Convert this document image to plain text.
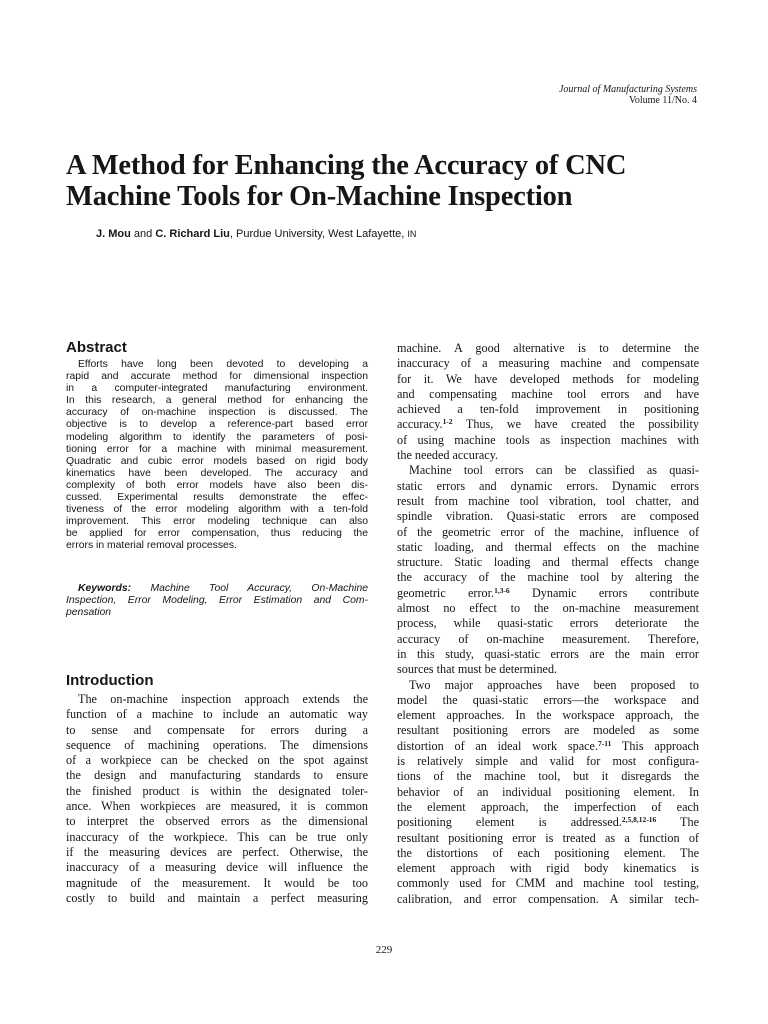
Journal of Manufacturing Systems
Volume 11/No. 4
A Method for Enhancing the Accuracy of CNC
Machine Tools for On-Machine Inspection
J. Mou and C. Richard Liu, Purdue University, West Lafayette, IN
Abstract
Efforts have long been devoted to developing a
rapid and accurate method for dimensional inspection
in a computer-integrated manufacturing environment.
In this research, a general method for enhancing the
accuracy of on-machine inspection is discussed. The
objective is to develop a reference-part based error
modeling algorithm to identify the parameters of posi-
tioning error for a machine with minimal measurement.
Quadratic and cubic error models based on rigid body
kinematics have been developed. The accuracy and
complexity of both error models have also been dis-
cussed. Experimental results demonstrate the effec-
tiveness of the error modeling algorithm with a ten-fold
improvement. This error modeling technique can also
be applied for error compensation, thus reducing the
errors in material removal processes.
Keywords: Machine Tool Accuracy, On-Machine
Inspection, Error Modeling, Error Estimation and Com-
pensation
Introduction
The on-machine inspection approach extends the
function of a machine to include an automatic way
to sense and compensate for errors during a
sequence of machining operations. The dimensions
of a workpiece can be checked on the spot against
the design and manufacturing standards to ensure
the finished product is within the designated toler-
ance. When workpieces are measured, it is common
to interpret the observed errors as the dimensional
inaccuracy of the workpiece. This can be true only
if the measuring devices are perfect. Otherwise, the
inaccuracy of a measuring device will influence the
magnitude of the measurement. It would be too
costly to build and maintain a perfect measuring
machine. A good alternative is to determine the
inaccuracy of a measuring machine and compensate
for it. We have developed methods for modeling
and compensating machine tool errors and have
achieved a ten-fold improvement in positioning
accuracy.$^{1-2}$ Thus, we have created the possibility
of using machine tools as inspection machines with
the needed accuracy.
Machine tool errors can be classified as quasi-
static errors and dynamic errors. Dynamic errors
result from machine tool vibration, tool chatter, and
spindle vibration. Quasi-static errors are composed
of the geometric error of the machine, influence of
static loading, and thermal effects on the machine
structure. Static loading and thermal effects change
the accuracy of the machine tool by altering the
geometric error.$^{1,3-6}$ Dynamic errors contribute
almost no effect to the on-machine measurement
process, while quasi-static errors deteriorate the
accuracy of on-machine measurement. Therefore,
in this study, quasi-static errors are the main error
sources that must be determined.
Two major approaches have been proposed to
model the quasi-static errors—the workspace and
element approaches. In the workspace approach, the
resultant positioning errors are modeled as some
distortion of an ideal work space.$^{7-11}$ This approach
is relatively simple and valid for most configura-
tions of the machine tool, but it disregards the
behavior of an individual positioning element. In
the element approach, the imperfection of each
positioning element is addressed.$^{2,5,8,12-16}$ The
resultant positioning error is treated as a function of
the distortions of each positioning element. The
element approach with rigid body kinematics is
commonly used for CMM and machine tool testing,
calibration, and error compensation. A similar tech-
229
